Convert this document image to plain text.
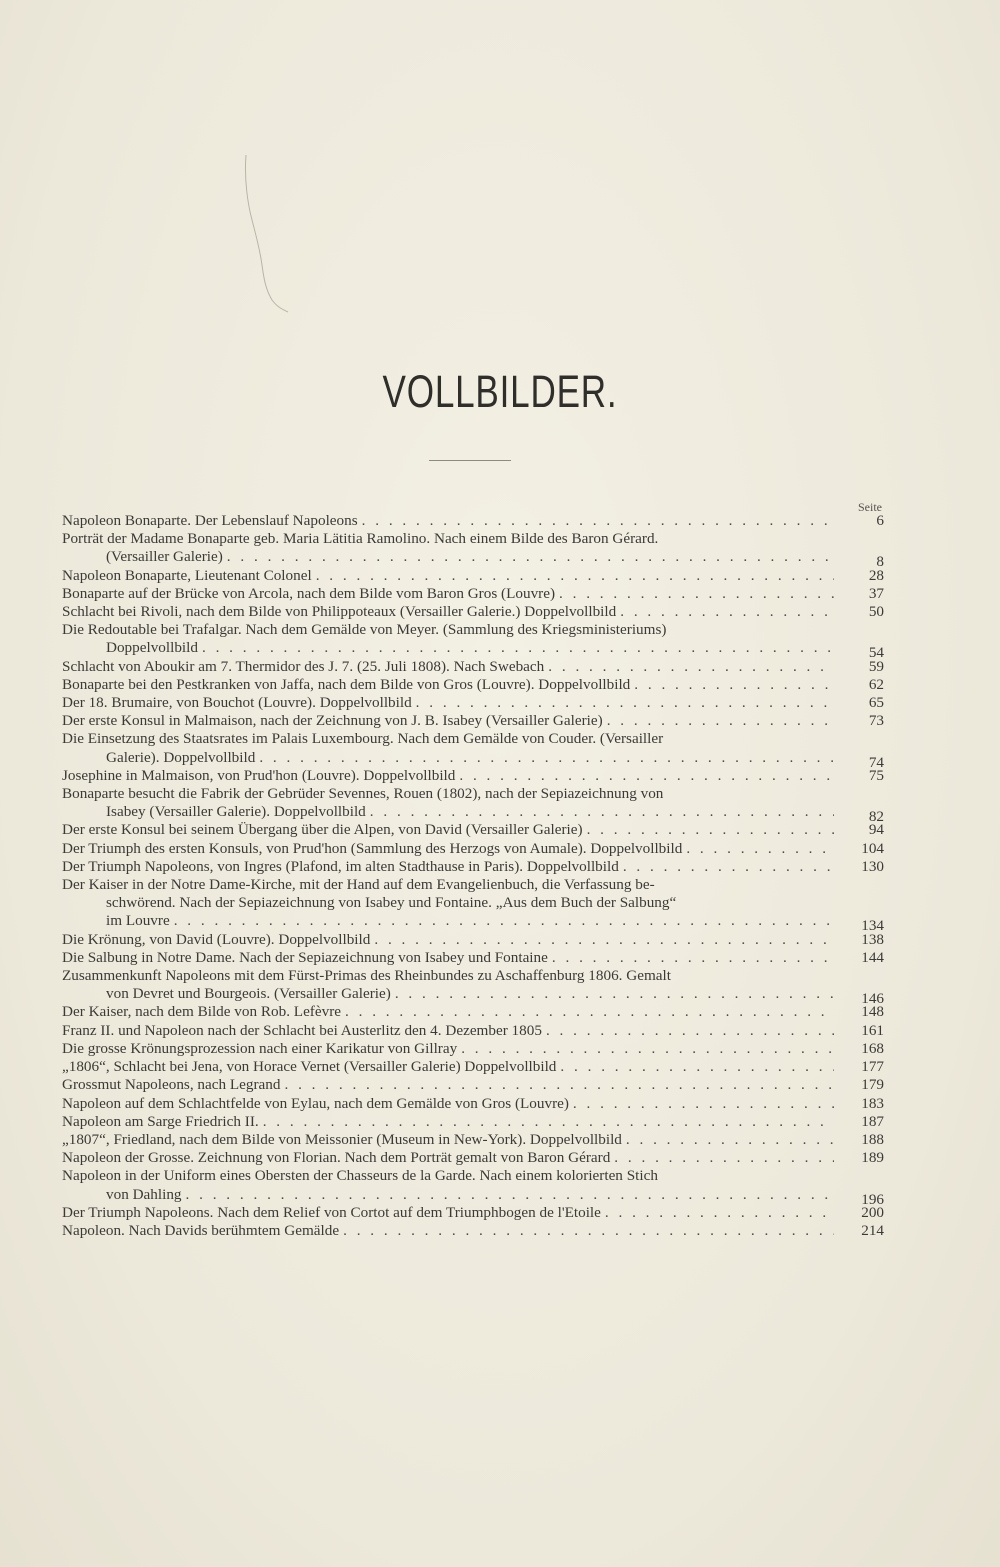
VOLLBILDER.
Seite
Napoleon Bonaparte. Der Lebenslauf Napoleons . . .	6
Porträt der Madame Bonaparte geb. Maria Lätitia Ramolino. Nach einem Bilde des Baron Gérard.
(Versailler Galerie) . . .	8
Napoleon Bonaparte, Lieutenant Colonel . . .	28
Bonaparte auf der Brücke von Arcola, nach dem Bilde vom Baron Gros (Louvre) . . .	37
Schlacht bei Rivoli, nach dem Bilde von Philippoteaux (Versailler Galerie.) Doppelvollbild . . .	50
Die Redoutable bei Trafalgar. Nach dem Gemälde von Meyer. (Sammlung des Kriegsministeriums)
Doppelvollbild . . .	54
Schlacht von Aboukir am 7. Thermidor des J. 7. (25. Juli 1808). Nach Swebach . . .	59
Bonaparte bei den Pestkranken von Jaffa, nach dem Bilde von Gros (Louvre). Doppelvollbild . . .	62
Der 18. Brumaire, von Bouchot (Louvre). Doppelvollbild . . .	65
Der erste Konsul in Malmaison, nach der Zeichnung von J. B. Isabey (Versailler Galerie) . . .	73
Die Einsetzung des Staatsrates im Palais Luxembourg. Nach dem Gemälde von Couder. (Versailler
Galerie). Doppelvollbild . . .	74
Josephine in Malmaison, von Prud'hon (Louvre). Doppelvollbild . . .	75
Bonaparte besucht die Fabrik der Gebrüder Sevennes, Rouen (1802), nach der Sepiazeichnung von
Isabey (Versailler Galerie). Doppelvollbild . . .	82
Der erste Konsul bei seinem Übergang über die Alpen, von David (Versailler Galerie) . . .	94
Der Triumph des ersten Konsuls, von Prud'hon (Sammlung des Herzogs von Aumale). Doppelvollbild . . .	104
Der Triumph Napoleons, von Ingres (Plafond, im alten Stadthause in Paris). Doppelvollbild . . .	130
Der Kaiser in der Notre Dame-Kirche, mit der Hand auf dem Evangelienbuch, die Verfassung be-
schwörend. Nach der Sepiazeichnung von Isabey und Fontaine. „Aus dem Buch der Salbung“
im Louvre . . .	134
Die Krönung, von David (Louvre). Doppelvollbild . . .	138
Die Salbung in Notre Dame. Nach der Sepiazeichnung von Isabey und Fontaine . . .	144
Zusammenkunft Napoleons mit dem Fürst-Primas des Rheinbundes zu Aschaffenburg 1806. Gemalt
von Devret und Bourgeois. (Versailler Galerie) . . .	146
Der Kaiser, nach dem Bilde von Rob. Lefèvre . . .	148
Franz II. und Napoleon nach der Schlacht bei Austerlitz den 4. Dezember 1805 . . .	161
Die grosse Krönungsprozession nach einer Karikatur von Gillray . . .	168
„1806“, Schlacht bei Jena, von Horace Vernet (Versailler Galerie) Doppelvollbild . . .	177
Grossmut Napoleons, nach Legrand . . .	179
Napoleon auf dem Schlachtfelde von Eylau, nach dem Gemälde von Gros (Louvre) . . .	183
Napoleon am Sarge Friedrich II. . . .	187
„1807“, Friedland, nach dem Bilde von Meissonier (Museum in New-York). Doppelvollbild . . .	188
Napoleon der Grosse. Zeichnung von Florian. Nach dem Porträt gemalt von Baron Gérard . . .	189
Napoleon in der Uniform eines Obersten der Chasseurs de la Garde. Nach einem kolorierten Stich
von Dahling . . .	196
Der Triumph Napoleons. Nach dem Relief von Cortot auf dem Triumphbogen de l'Etoile . . .	200
Napoleon. Nach Davids berühmtem Gemälde . . .	214
